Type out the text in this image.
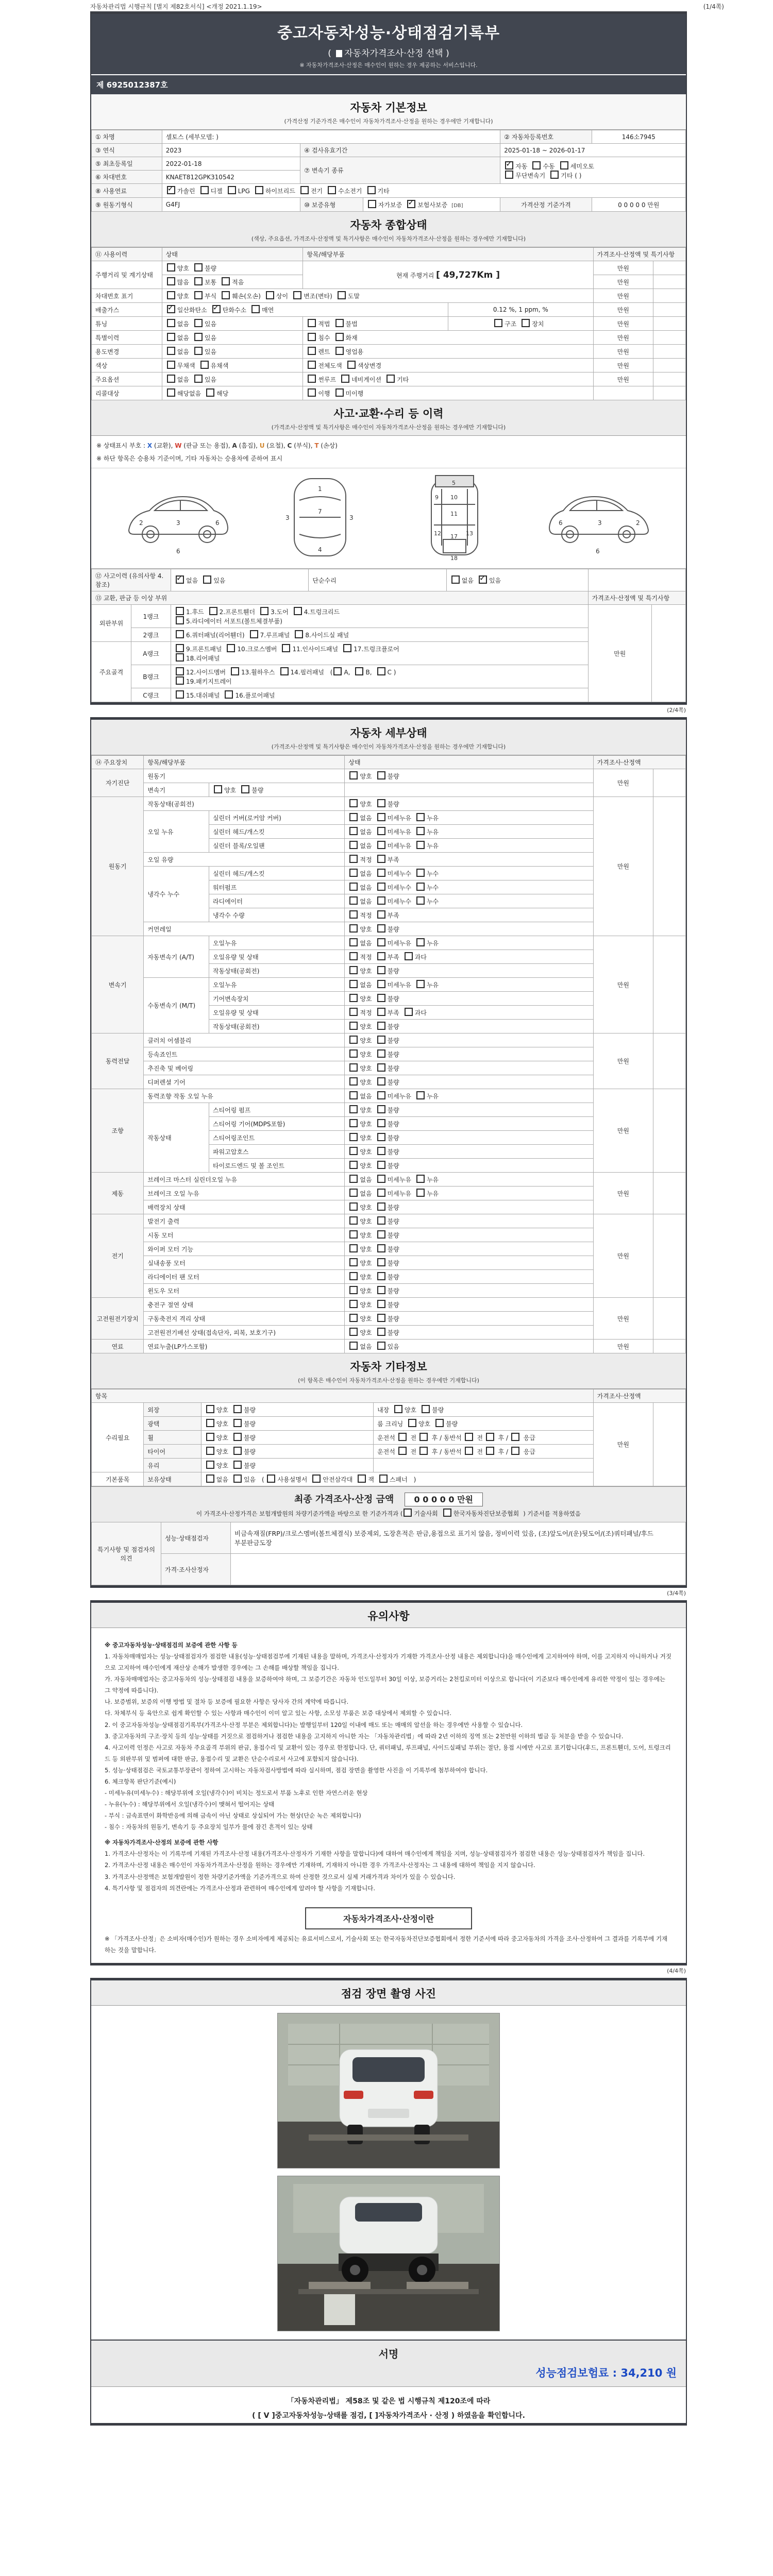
자동차관리법 시행규칙 [별지 제82호서식] <개정 2021.1.19>	(1/4쪽)
중고자동차성능·상태점검기록부
( 자동차가격조사·산정 선택 )
※ 자동차가격조사·산정은 매수인이 원하는 경우 제공하는 서비스입니다.
제 6925012387호
자동차 기본정보
(가격산정 기준가격은 매수인이 자동차가격조사·산정을 원하는 경우에만 기재합니다)
① 차명	셀토스 (세부모델: )			② 자동차등록번호	146소7945
③ 연식	2023	④ 검사유효기간		2025-01-18 ~ 2026-01-17	
⑤ 최초등록일	2022-01-18	⑦ 변속기 종류	✓자동 수동 세미오토
무단변속기 기타 ( )
⑥ 차대번호	KNAET812GPK310542				
⑧ 사용연료	✓가솔린 디젤 LPG 하이브리드 전기 수소전기 기타
⑨ 원동기형식	G4FJ	⑩ 보증유형	자가보증 ✓ 보험사보증 [DB]	가격산정 기준가격	0 0 0 0 0 만원
자동차 종합상태
(색상, 주요옵션, 가격조사·산정액 및 특기사항은 매수인이 자동차가격조사·산정을 원하는 경우에만 기재합니다)
⑪ 사용이력	상태	항목/해당부품		가격조사·산정액 및 특기사항	
주행거리 및 계기상태	양호 불량	현재 주행거리 [ 49,727Km ]		만원	
	많음 보통 적음			만원	
차대번호 표기	양호 부식 훼손(오손) 상이 변조(변타) 도말			만원	
배출가스	✓일산화탄소 ✓ 탄화수소 매연		0.12 %, 1 ppm, %	만원	
튜닝	없음 있음	적법 불법	구조 장치	만원	
특별이력	없음 있음	침수 화재		만원	
용도변경	없음 있음	렌트 영업용		만원	
색상	무채색 유채색	전체도색 색상변경		만원	
주요옵션	없음 있음	썬루프 네비게이션 기타		만원	
리콜대상	해당없음 해당	이행 미이행			
사고·교환·수리 등 이력
(가격조사·산정액 및 특기사항은 매수인이 자동차가격조사·산정을 원하는 경우에만 기재합니다)
※ 상태표시 부호 : X (교환), W (판금 또는 용접), A (흠집), U (요철), C (부식), T (손상)
※ 하단 항목은 승용차 기준이며, 기타 자동차는 승용차에 준하여 표시
2	3	6
6
1
7
4
3	3
5
9 10
11
12	13
17
18
6	3	2
6
⑫ 사고이력 (유의사항 4.참조)	✓없음 있음	단순수리	없음 ✓ 있음	
⑬ 교환, 판금 등 이상 부위					가격조사·산정액 및 특기사항	
외판부위	1랭크	1.후드 2.프론트휀더 3.도어 4.트렁크리드
5.라디에이터 서포트(볼트체결부품)			만원	
	2랭크	6.쿼터패널(리어휀더) 7.루프패널 8.사이드실 패널				
주요골격	A랭크	9.프론트패널 10.크로스멤버 11.인사이드패널 17.트렁크플로어
18.리어패널				
	B랭크	12.사이드멤버 13.휠하우스 14.필러패널 ( A, B, C )
19.패키지트레이				
	C랭크	15.대쉬패널 16.플로어패널				
(2/4쪽)
자동차 세부상태
(가격조사·산정액 및 특기사항은 매수인이 자동차가격조사·산정을 원하는 경우에만 기재합니다)
⑭ 주요장치	항목/해당부품		상태	가격조사·산정액	
자기진단	원동기		양호 불량	만원	
	변속기	양호 불량			
원동기	작동상태(공회전)		양호 불량	만원	
	오일 누유	실린더 커버(로커암 커버)	없음 미세누유 누유		
		실린더 헤드/개스킷	없음 미세누유 누유		
		실린더 블록/오일팬	없음 미세누유 누유		
	오일 유량		적정 부족		
	냉각수 누수	실린더 헤드/개스킷	없음 미세누수 누수		
		워터펌프	없음 미세누수 누수		
		라디에이터	없음 미세누수 누수		
		냉각수 수량	적정 부족		
	커먼레일		양호 불량		
변속기	자동변속기 (A/T)	오일누유	없음 미세누유 누유	만원	
		오일유량 및 상태	적정 부족 과다		
		작동상태(공회전)	양호 불량		
	수동변속기 (M/T)	오일누유	없음 미세누유 누유		
		기어변속장치	양호 불량		
		오일유량 및 상태	적정 부족 과다		
		작동상태(공회전)	양호 불량		
동력전달	클러치 어셈블리		양호 불량	만원	
	등속죠인트		양호 불량		
	추진축 및 베어링		양호 불량		
	디퍼렌셜 기어		양호 불량		
조향	동력조향 작동 오일 누유		없음 미세누유 누유	만원	
	작동상태	스티어링 펌프	양호 불량		
		스티어링 기어(MDPS포함)	양호 불량		
		스티어링조인트	양호 불량		
		파워고압호스	양호 불량		
		타이로드엔드 및 볼 조인트	양호 불량		
제동	브레이크 마스터 실린더오일 누유		없음 미세누유 누유	만원	
	브레이크 오일 누유		없음 미세누유 누유		
	배력장치 상태		양호 불량		
전기	발전기 출력		양호 불량	만원	
	시동 모터		양호 불량		
	와이퍼 모터 기능		양호 불량		
	실내송풍 모터		양호 불량		
	라디에이터 팬 모터		양호 불량		
	윈도우 모터		양호 불량		
고전원전기장치	충전구 절연 상태		양호 불량	만원	
	구동축전지 격리 상태		양호 불량		
	고전원전기배선 상태(접속단자, 피복, 보호기구)		양호 불량		
연료	연료누출(LP가스포함)		없음 있음	만원	
자동차 기타정보
(이 항목은 매수인이 자동차가격조사·산정을 원하는 경우에만 기재합니다)
항목				가격조사·산정액	
수리필요	외장	양호 불량	내장  양호 불량	만원	
	광택	양호 불량	룸 크리닝  양호 불량		
	휠	양호 불량	운전석  전  후 / 동반석  전  후 /  응급		
	타이어	양호 불량	운전석  전  후 / 동반석  전  후 /  응급		
	유리	양호 불량			
기본품목	보유상태	없음 있음 ( 사용설명서 안전삼각대 잭 스패너 )			
최종 가격조사·산정 금액 0 0 0 0 0 만원
이 가격조사·산정가격은 보험개발원의 차량기준가액을 바탕으로 한 기준가격과 ( 기술사회	한국자동차진단보증협회 ) 기준서를 적용하였음
특기사항 및 점검자의 의견	성능·상태점검자	비금속재질(FRP)/크로스멤버(볼트체결식) 보증제외, 도장흔적은 판금,용접으로 표기치 않음, 정비이력 있음, (조)앞도어/(운)뒷도어/(조)쿼터패널/후드 부분판금도장
	가격·조사산정자	
(3/4쪽)
유의사항
※ 중고자동차성능·상태점검의 보증에 관한 사항 등
1. 자동차매매업자는 성능·상태점검자가 점검한 내용(성능·상태점검부에 기재된 내용을 말하며, 가격조사·산정자가 기재한 가격조사·산정 내용은 제외합니다)을 매수인에게 고지하여야 하며, 이를 고지하지 아니하거나 거짓으로 고지하여 매수인에게 재산상 손해가 발생한 경우에는 그 손해를 배상할 책임을 집니다.
가. 자동차매매업자는 중고자동차의 성능·상태점검 내용을 보증하여야 하며, 그 보증기간은 자동차 인도일부터 30일 이상, 보증거리는 2천킬로미터 이상으로 합니다(이 기준보다 매수인에게 유리한 약정이 있는 경우에는 그 약정에 따릅니다).
나. 보증범위, 보증의 이행 방법 및 절차 등 보증에 필요한 사항은 당사자 간의 계약에 따릅니다.
다. 차체부식 등 육안으로 쉽게 확인할 수 있는 사항과 매수인이 이미 알고 있는 사항, 소모성 부품은 보증 대상에서 제외할 수 있습니다.
2. 이 중고자동차성능·상태점검기록부(가격조사·산정 부분은 제외합니다)는 발행일부터 120일 이내에 매도 또는 매매의 알선을 하는 경우에만 사용할 수 있습니다.
3. 중고자동차의 구조·장치 등의 성능·상태를 거짓으로 점검하거나 점검한 내용을 고지하지 아니한 자는 「자동차관리법」에 따라 2년 이하의 징역 또는 2천만원 이하의 벌금 등 처분을 받을 수 있습니다.
4. 사고이력 인정은 사고로 자동차 주요골격 부위의 판금, 용접수리 및 교환이 있는 경우로 한정합니다. 단, 쿼터패널, 루프패널, 사이드실패널 부위는 절단, 용접 시에만 사고로 표기합니다(후드, 프론트휀더, 도어, 트렁크리드 등 외판부위 및 범퍼에 대한 판금, 용접수리 및 교환은 단순수리로서 사고에 포함되지 않습니다).
5. 성능·상태점검은 국토교통부장관이 정하여 고시하는 자동차검사방법에 따라 실시하며, 점검 장면을 촬영한 사진을 이 기록부에 첨부하여야 합니다.
6. 체크항목 판단기준(예시)
- 미세누유(미세누수) : 해당부위에 오일(냉각수)이 비치는 정도로서 부품 노후로 인한 자연스러운 현상
- 누유(누수) : 해당부위에서 오일(냉각수)이 맺혀서 떨어지는 상태
- 부식 : 금속표면이 화학반응에 의해 금속이 아닌 상태로 상실되어 가는 현상(단순 녹은 제외합니다)
- 침수 : 자동차의 원동기, 변속기 등 주요장치 일부가 물에 잠긴 흔적이 있는 상태
※ 자동차가격조사·산정의 보증에 관한 사항
1. 가격조사·산정자는 이 기록부에 기재된 가격조사·산정 내용(가격조사·산정자가 기재한 사항을 말합니다)에 대하여 매수인에게 책임을 지며, 성능·상태점검자가 점검한 내용은 성능·상태점검자가 책임을 집니다.
2. 가격조사·산정 내용은 매수인이 자동차가격조사·산정을 원하는 경우에만 기재하며, 기재하지 아니한 경우 가격조사·산정자는 그 내용에 대하여 책임을 지지 않습니다.
3. 가격조사·산정액은 보험개발원이 정한 차량기준가액을 기준가격으로 하여 산정한 것으로서 실제 거래가격과 차이가 있을 수 있습니다.
4. 특기사항 및 점검자의 의견란에는 가격조사·산정과 관련하여 매수인에게 알려야 할 사항을 기재합니다.
자동차가격조사·산정이란
※ 「가격조사·산정」은 소비자(매수인)가 원하는 경우 소비자에게 제공되는 유료서비스로서, 기술사회 또는 한국자동차진단보증협회에서 정한 기준서에 따라 중고자동차의 가격을 조사·산정하여 그 결과를 기록부에 기재하는 것을 말합니다.
(4/4쪽)
점검 장면 촬영 사진
서명
성능점검보험료 : 34,210 원
「자동차관리법」 제58조 및 같은 법 시행규칙 제120조에 따라
( [ V ]중고자동차성능·상태를 점검, [ ]자동차가격조사 · 산정 ) 하였음을 확인합니다.
